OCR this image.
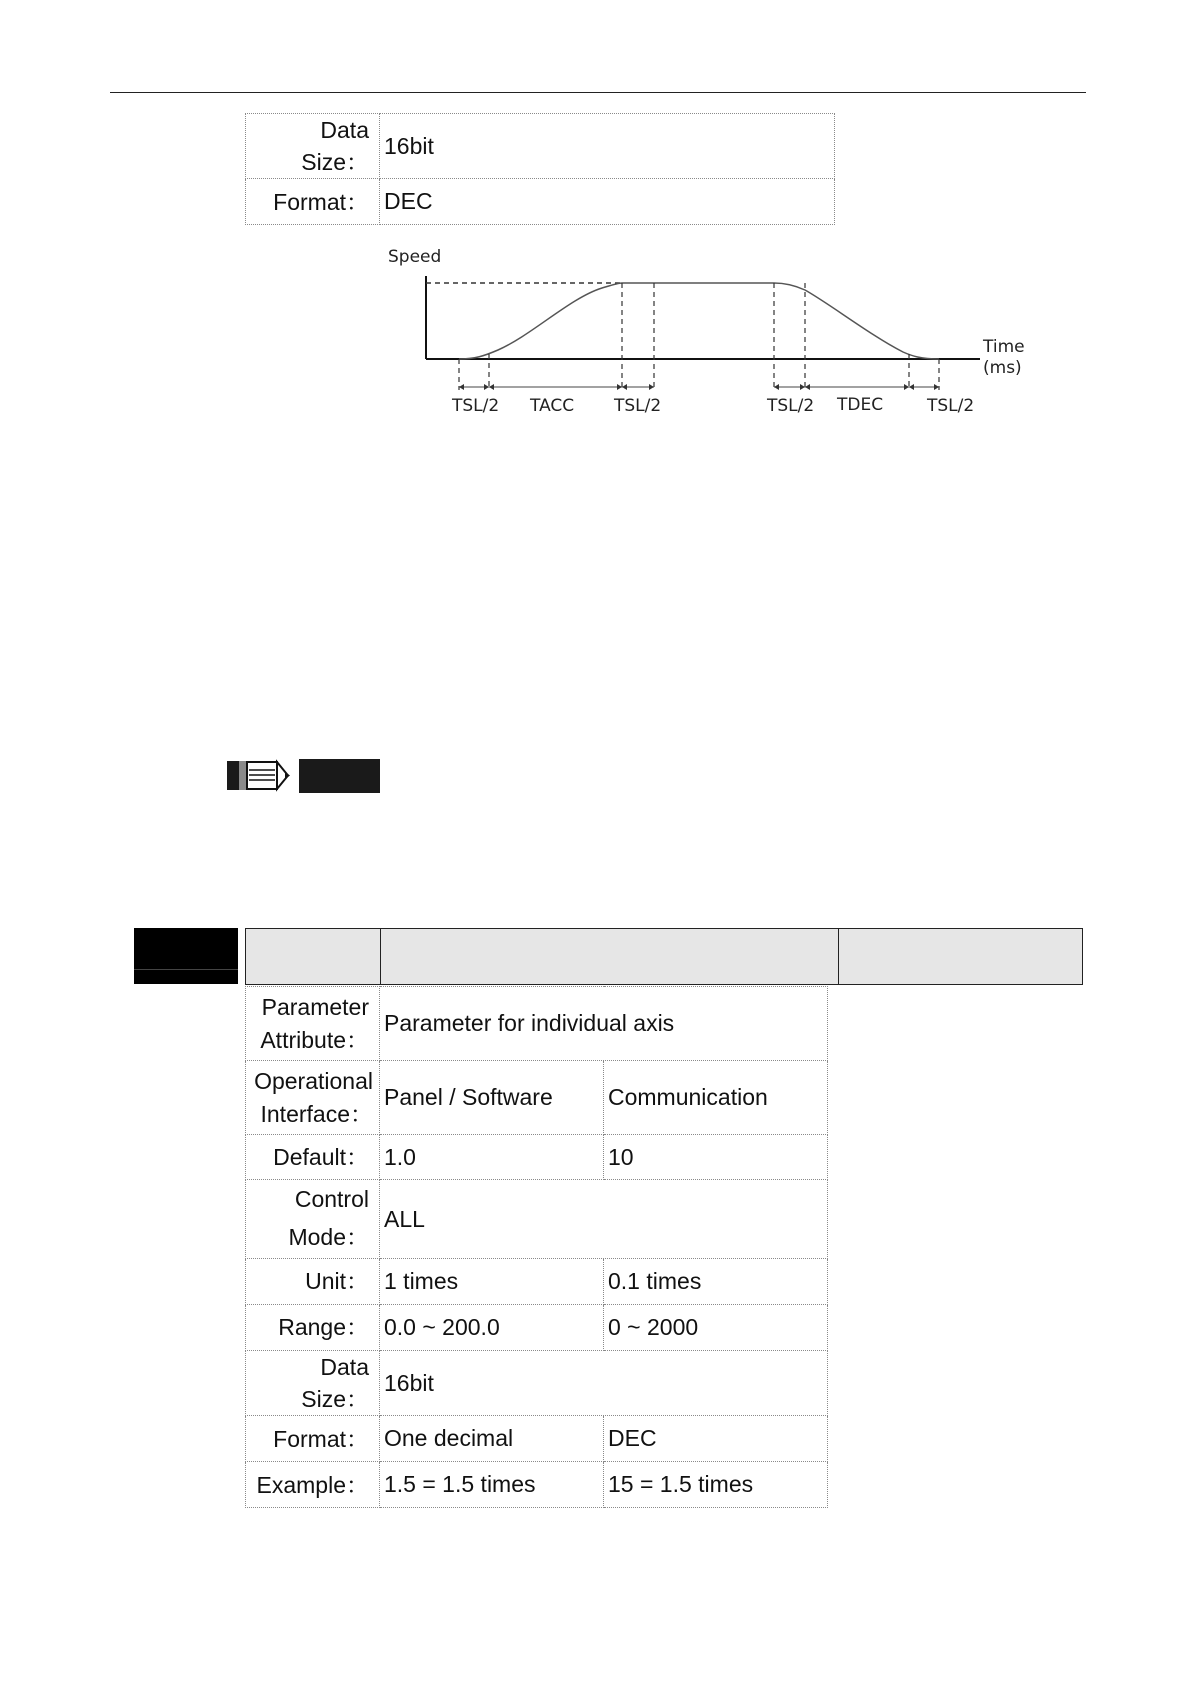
Data Size：	16bit
Format：	DEC
Speed
Time
(ms)
TSL/2 TACC TSL/2	TSL/2 TDEC	TSL/2
Parameter
Attribute：	Parameter for individual axis	
Operational
Interface：	Panel / Software	Communication
Default：	1.0	10
Control
Mode：	ALL	
Unit：	1 times	0.1 times
Range：	0.0 ~ 200.0	0 ~ 2000
Data Size：	16bit	
Format：	One decimal	DEC
Example：	1.5 = 1.5 times	15 = 1.5 times
